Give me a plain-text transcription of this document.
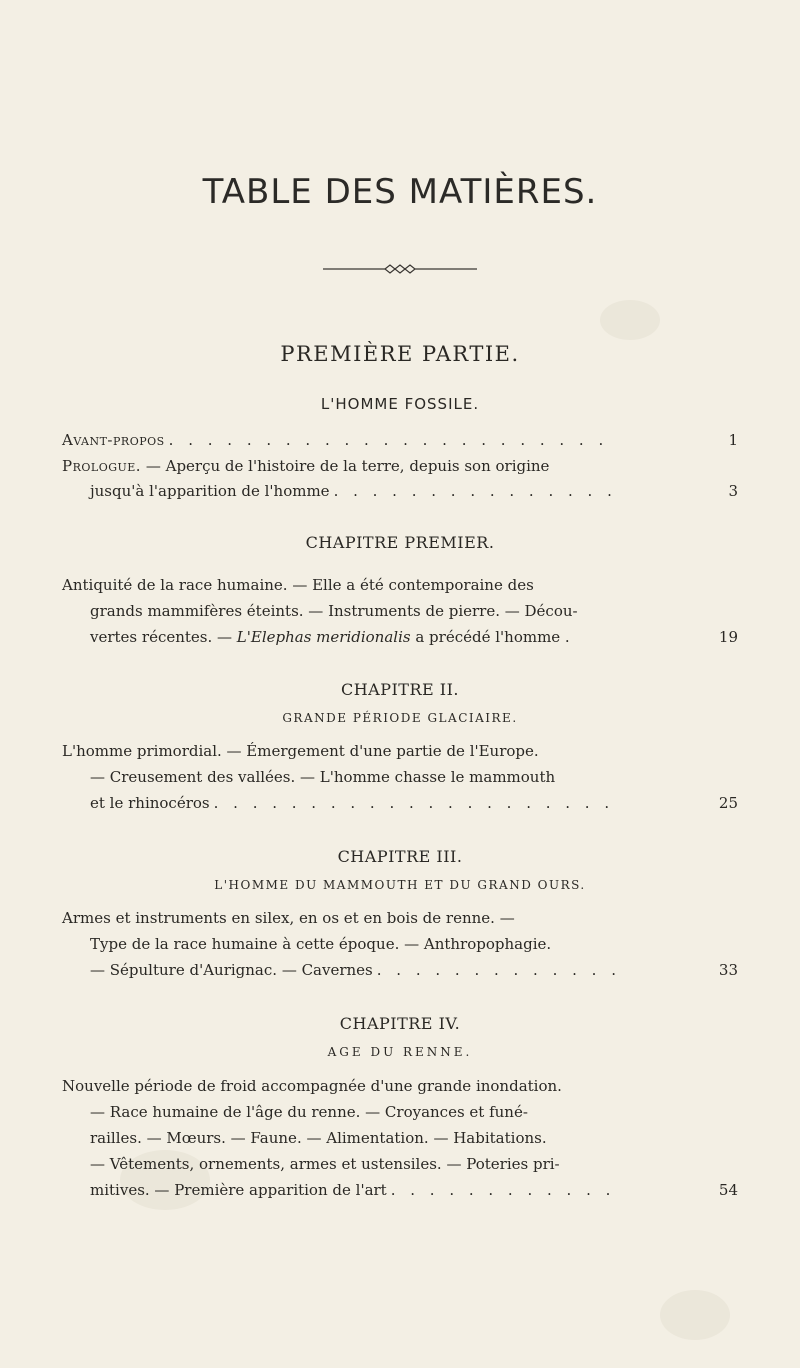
TABLE DES MATIÈRES.
PREMIÈRE PARTIE.
L'HOMME FOSSILE.
Avant-propos . . . . . . . . . . . . . . . . . . . . . . .	1
Prologue. — Aperçu de l'histoire de la terre, depuis son origine
jusqu'à l'apparition de l'homme . . . . . . . . . . . . . . .	3
CHAPITRE PREMIER.
Antiquité de la race humaine. — Elle a été contemporaine des
grands mammifères éteints. — Instruments de pierre. — Décou-
vertes récentes. — L'Elephas meridionalis a précédé l'homme .	19
CHAPITRE II.
GRANDE PÉRIODE GLACIAIRE.
L'homme primordial. — Émergement d'une partie de l'Europe.
— Creusement des vallées. — L'homme chasse le mammouth
et le rhinocéros . . . . . . . . . . . . . . . . . . . . .	25
CHAPITRE III.
L'HOMME DU MAMMOUTH ET DU GRAND OURS.
Armes et instruments en silex, en os et en bois de renne. —
Type de la race humaine à cette époque. — Anthropophagie.
— Sépulture d'Aurignac. — Cavernes . . . . . . . . . . . . .	33
CHAPITRE IV.
AGE DU RENNE.
Nouvelle période de froid accompagnée d'une grande inondation.
— Race humaine de l'âge du renne. — Croyances et funé-
railles. — Mœurs. — Faune. — Alimentation. — Habitations.
— Vêtements, ornements, armes et ustensiles. — Poteries pri-
mitives. — Première apparition de l'art . . . . . . . . . . . .	54
